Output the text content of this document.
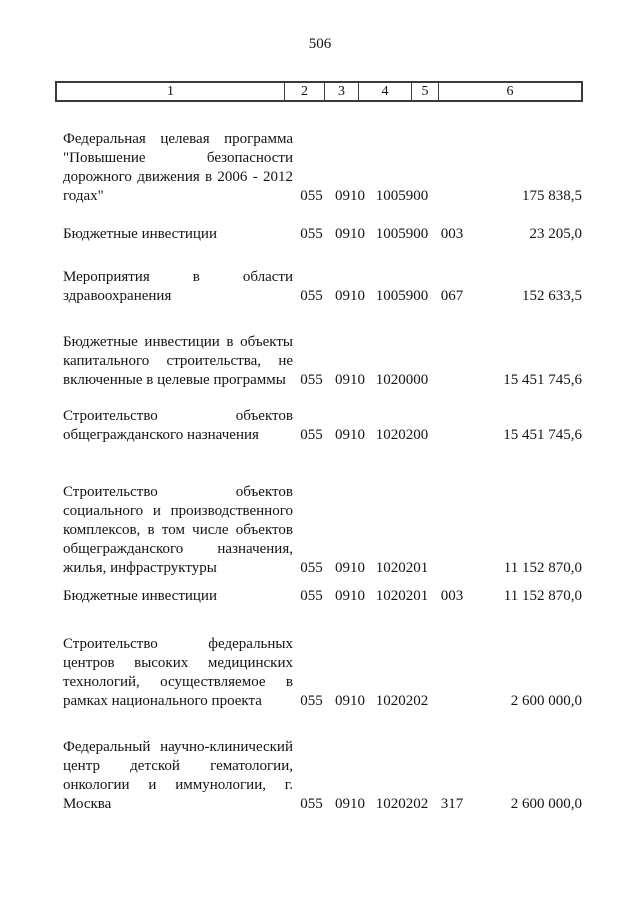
506
1	2	3	4	5	6
Федеральная целевая программа "Повышение безопасности дорожного движения в 2006 - 2012 годах"	055 0910 1005900	175 838,5
Бюджетные инвестиции	055 0910 1005900 003	23 205,0
Мероприятия в области здравоохранения	055 0910 1005900 067	152 633,5
Бюджетные инвестиции в объекты капитального строительства, не включенные в целевые программы 055 0910 1020000	15 451 745,6
Строительство объектов общегражданского назначения	055 0910 1020200	15 451 745,6
Строительство объектов социального и производственного комплексов, в том числе объектов общегражданского назначения, жилья, инфраструктуры	055 0910 1020201	11 152 870,0
Бюджетные инвестиции	055 0910 1020201 003	11 152 870,0
Строительство федеральных центров высоких медицинских технологий, осуществляемое в рамках национального проекта	055 0910 1020202	2 600 000,0
Федеральный научно-клинический центр детской гематологии, онкологии и иммунологии, г. Москва	055 0910 1020202 317	2 600 000,0
